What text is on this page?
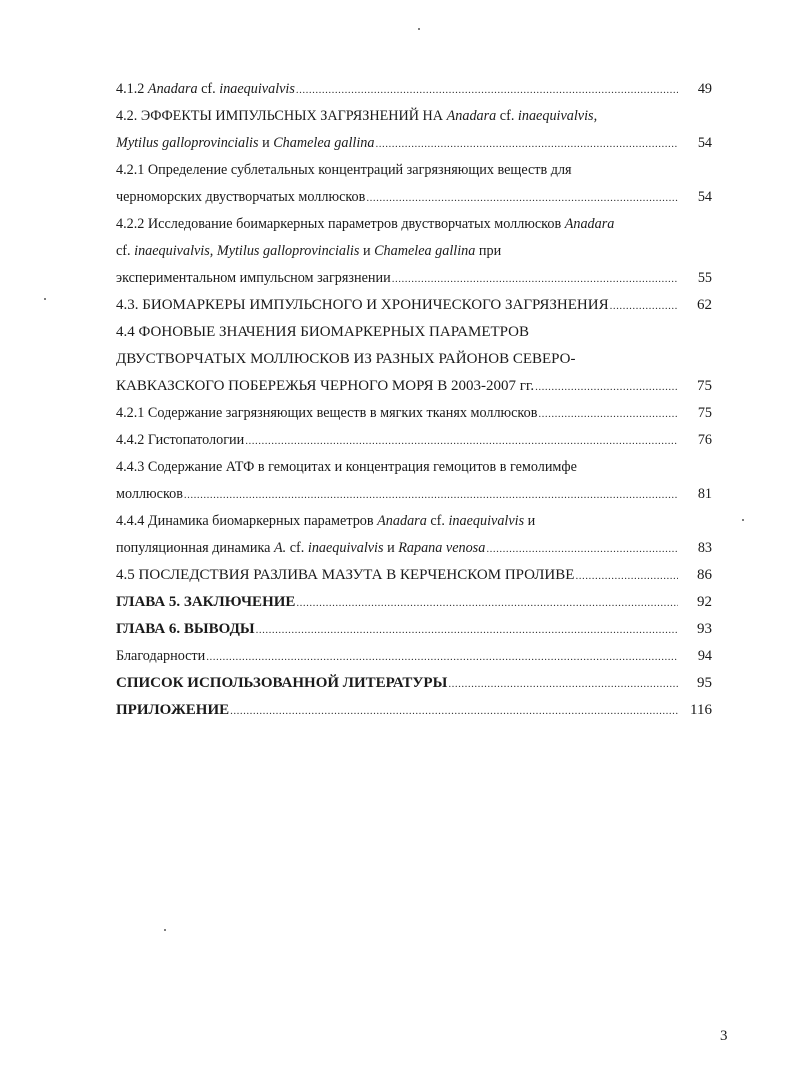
4.1.2 Anadara cf. inaequivalvis .....	49
4.2. ЭФФЕКТЫ ИМПУЛЬСНЫХ ЗАГРЯЗНЕНИЙ НА Anadara cf. inaequivalvis,
Mytilus galloprovincialis и Chamelea gallina .....	54
4.2.1 Определение сублетальных концентраций загрязняющих веществ для
черноморских двустворчатых моллюсков .....	54
4.2.2 Исследование боимаркерных параметров двустворчатых моллюсков Anadara
cf. inaequivalvis, Mytilus galloprovincialis и Chamelea gallina при
экспериментальном импульсном загрязнении .....	55
4.3. БИОМАРКЕРЫ ИМПУЛЬСНОГО И ХРОНИЧЕСКОГО ЗАГРЯЗНЕНИЯ .....	62
4.4 ФОНОВЫЕ ЗНАЧЕНИЯ БИОМАРКЕРНЫХ ПАРАМЕТРОВ
ДВУСТВОРЧАТЫХ МОЛЛЮСКОВ ИЗ РАЗНЫХ РАЙОНОВ СЕВЕРО-
КАВКАЗСКОГО ПОБЕРЕЖЬЯ ЧЕРНОГО МОРЯ В 2003-2007 гг. .....	75
4.2.1 Содержание загрязняющих веществ в мягких тканях моллюсков .....	75
4.4.2 Гистопатологии .....	76
4.4.3 Содержание АТФ в гемоцитах и концентрация гемоцитов в гемолимфе
моллюсков .....	81
4.4.4 Динамика биомаркерных параметров Anadara cf. inaequivalvis и
популяционная динамика A. cf. inaequivalvis и Rapana venosa .....	83
4.5 ПОСЛЕДСТВИЯ РАЗЛИВА МАЗУТА В КЕРЧЕНСКОМ ПРОЛИВЕ .....	86
ГЛАВА 5. ЗАКЛЮЧЕНИЕ .....	92
ГЛАВА 6. ВЫВОДЫ .....	93
Благодарности .....	94
СПИСОК ИСПОЛЬЗОВАННОЙ ЛИТЕРАТУРЫ .....	95
ПРИЛОЖЕНИЕ .....	116
3
